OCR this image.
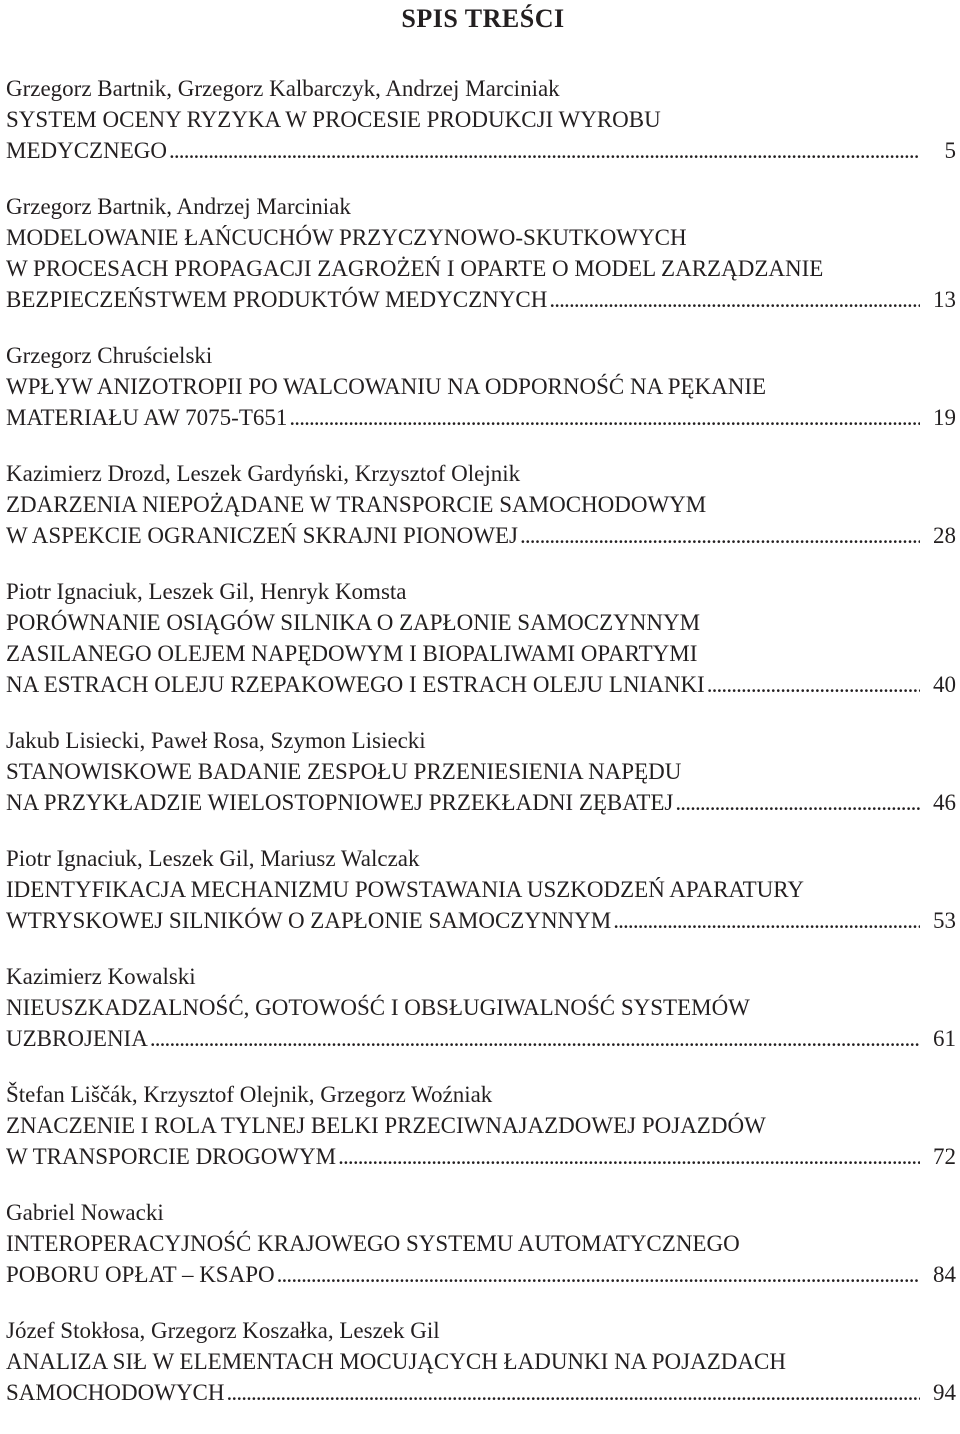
SPIS TREŚCI
Grzegorz Bartnik, Grzegorz Kalbarczyk, Andrzej Marciniak
SYSTEM OCENY RYZYKA W PROCESIE PRODUKCJI WYROBU
MEDYCZNEGO . . .	5
Grzegorz Bartnik, Andrzej Marciniak
MODELOWANIE ŁAŃCUCHÓW PRZYCZYNOWO-SKUTKOWYCH
W PROCESACH PROPAGACJI ZAGROŻEŃ I OPARTE O MODEL ZARZĄDZANIE
BEZPIECZEŃSTWEM PRODUKTÓW MEDYCZNYCH . . .	13
Grzegorz Chruścielski
WPŁYW ANIZOTROPII PO WALCOWANIU NA ODPORNOŚĆ NA PĘKANIE
MATERIAŁU AW 7075-T651 . . .	19
Kazimierz Drozd, Leszek Gardyński, Krzysztof Olejnik
ZDARZENIA NIEPOŻĄDANE W TRANSPORCIE SAMOCHODOWYM
W ASPEKCIE OGRANICZEŃ SKRAJNI PIONOWEJ . . .	28
Piotr Ignaciuk, Leszek Gil, Henryk Komsta
PORÓWNANIE OSIĄGÓW SILNIKA O ZAPŁONIE SAMOCZYNNYM
ZASILANEGO OLEJEM NAPĘDOWYM I BIOPALIWAMI OPARTYMI
NA ESTRACH OLEJU RZEPAKOWEGO I ESTRACH OLEJU LNIANKI . . .	40
Jakub Lisiecki, Paweł Rosa, Szymon Lisiecki
STANOWISKOWE BADANIE ZESPOŁU PRZENIESIENIA NAPĘDU
NA PRZYKŁADZIE WIELOSTOPNIOWEJ PRZEKŁADNI ZĘBATEJ . . .	46
Piotr Ignaciuk, Leszek Gil, Mariusz Walczak
IDENTYFIKACJA MECHANIZMU POWSTAWANIA USZKODZEŃ APARATURY
WTRYSKOWEJ SILNIKÓW O ZAPŁONIE SAMOCZYNNYM . . .	53
Kazimierz Kowalski
NIEUSZKADZALNOŚĆ, GOTOWOŚĆ I OBSŁUGIWALNOŚĆ SYSTEMÓW
UZBROJENIA . . .	61
Štefan Liščák, Krzysztof Olejnik, Grzegorz Woźniak
ZNACZENIE I ROLA TYLNEJ BELKI PRZECIWNAJAZDOWEJ POJAZDÓW
W TRANSPORCIE DROGOWYM . . .	72
Gabriel Nowacki
INTEROPERACYJNOŚĆ KRAJOWEGO SYSTEMU AUTOMATYCZNEGO
POBORU OPŁAT – KSAPO . . .	84
Józef Stokłosa, Grzegorz Koszałka, Leszek Gil
ANALIZA SIŁ W ELEMENTACH MOCUJĄCYCH ŁADUNKI NA POJAZDACH
SAMOCHODOWYCH . . .	94
